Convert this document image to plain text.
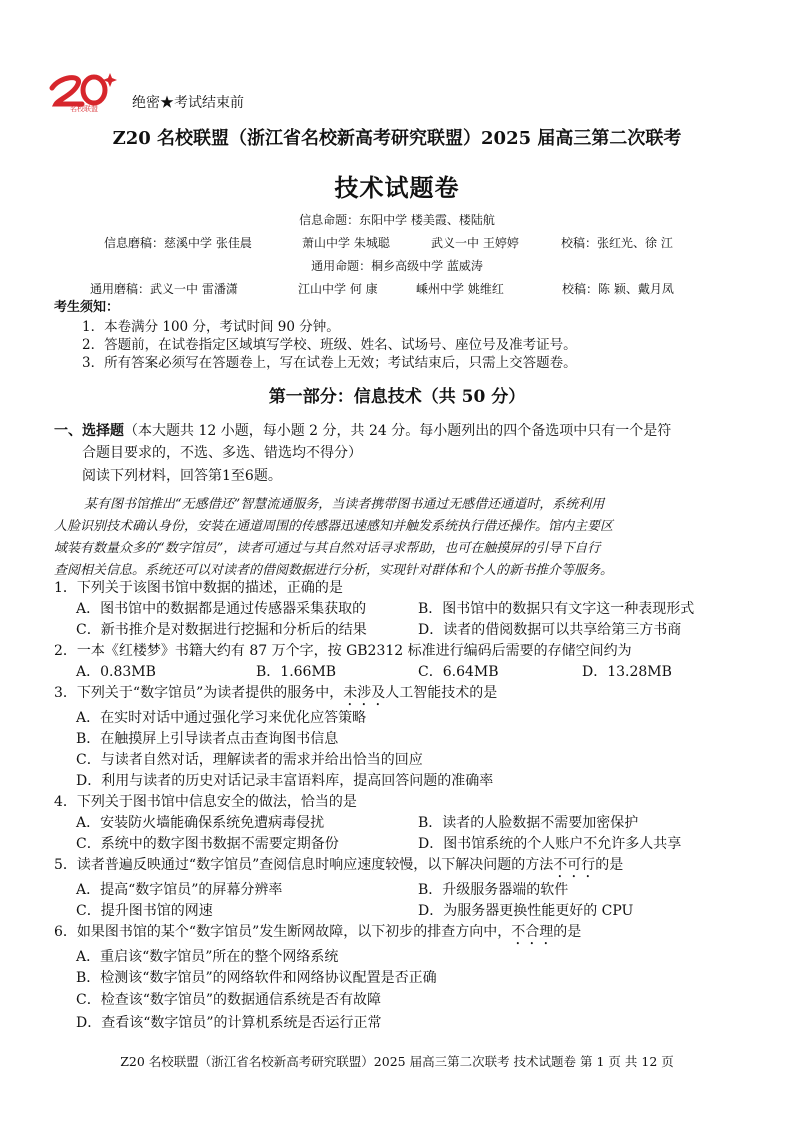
名校联盟 绝密★考试结束前
Z20 名校联盟（浙江省名校新高考研究联盟）2025 届高三第二次联考
技术试题卷
信息命题：东阳中学 楼美霞、楼陆航
信息磨稿：慈溪中学 张佳晨	萧山中学 朱城聪	武义一中 王婷婷	校稿：张红光、徐 江
通用命题：桐乡高级中学 蓝威涛
通用磨稿：武义一中 雷潘潇	江山中学 何 康	嵊州中学 姚维红	校稿：陈 颖、戴月凤
考生须知：
1．本卷满分 100 分，考试时间 90 分钟。
2．答题前，在试卷指定区域填写学校、班级、姓名、试场号、座位号及准考证号。
3．所有答案必须写在答题卷上，写在试卷上无效；考试结束后，只需上交答题卷。
第一部分：信息技术（共 50 分）
一、选择题（本大题共 12 小题，每小题 2 分，共 24 分。每小题列出的四个备选项中只有一个是符
合题目要求的，不选、多选、错选均不得分）
阅读下列材料，回答第1至6题。
某有图书馆推出“无感借还”智慧流通服务，当读者携带图书通过无感借还通道时，系统利用
人脸识别技术确认身份，安装在通道周围的传感器迅速感知并触发系统执行借还操作。馆内主要区
域装有数量众多的“数字馆员”，读者可通过与其自然对话寻求帮助，也可在触摸屏的引导下自行
查阅相关信息。系统还可以对读者的借阅数据进行分析，实现针对群体和个人的新书推介等服务。
1．下列关于该图书馆中数据的描述，正确的是
A．图书馆中的数据都是通过传感器采集获取的	B．图书馆中的数据只有文字这一种表现形式
C．新书推介是对数据进行挖掘和分析后的结果	D．读者的借阅数据可以共享给第三方书商
2．一本《红楼梦》书籍大约有 87 万个字，按 GB2312 标准进行编码后需要的存储空间约为
A．0.83MB	B．1.66MB	C．6.64MB	D．13.28MB
3．下列关于“数字馆员”为读者提供的服务中，未涉及人工智能技术的是
A．在实时对话中通过强化学习来优化应答策略
B．在触摸屏上引导读者点击查询图书信息
C．与读者自然对话，理解读者的需求并给出恰当的回应
D．利用与读者的历史对话记录丰富语料库，提高回答问题的准确率
4．下列关于图书馆中信息安全的做法，恰当的是
A．安装防火墙能确保系统免遭病毒侵扰	B．读者的人脸数据不需要加密保护
C．系统中的数字图书数据不需要定期备份	D．图书馆系统的个人账户不允许多人共享
5．读者普遍反映通过“数字馆员”查阅信息时响应速度较慢，以下解决问题的方法不可行的是
A．提高“数字馆员”的屏幕分辨率	B．升级服务器端的软件
C．提升图书馆的网速	D．为服务器更换性能更好的 CPU
6．如果图书馆的某个“数字馆员”发生断网故障，以下初步的排查方向中，不合理的是
A．重启该“数字馆员”所在的整个网络系统
B．检测该“数字馆员”的网络软件和网络协议配置是否正确
C．检查该“数字馆员”的数据通信系统是否有故障
D．查看该“数字馆员”的计算机系统是否运行正常
Z20 名校联盟（浙江省名校新高考研究联盟）2025 届高三第二次联考 技术试题卷 第 1 页 共 12 页
